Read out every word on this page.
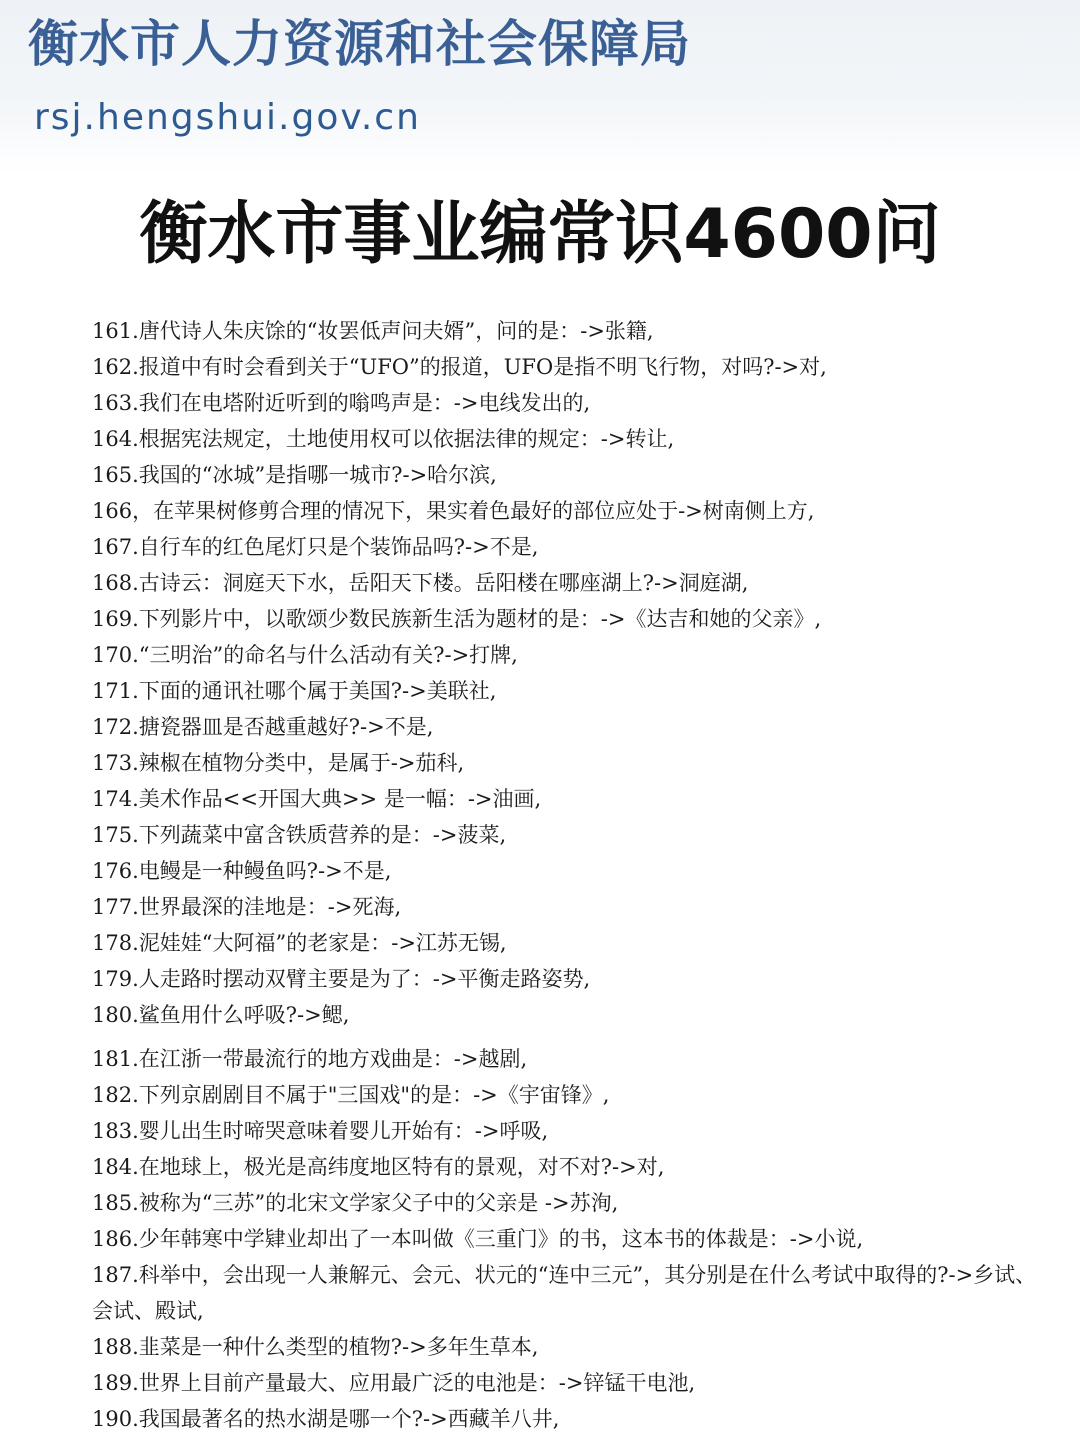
衡水市人力资源和社会保障局
rsj.hengshui.gov.cn
衡水市事业编常识4600问
161.唐代诗人朱庆馀的“妆罢低声问夫婿”，问的是：->张籍,
162.报道中有时会看到关于“UFO”的报道，UFO是指不明飞行物，对吗?->对,
163.我们在电塔附近听到的嗡鸣声是：->电线发出的,
164.根据宪法规定，土地使用权可以依据法律的规定：->转让,
165.我国的“冰城”是指哪一城市?->哈尔滨,
166，在苹果树修剪合理的情况下，果实着色最好的部位应处于->树南侧上方,
167.自行车的红色尾灯只是个装饰品吗?->不是,
168.古诗云：洞庭天下水，岳阳天下楼。岳阳楼在哪座湖上?->洞庭湖,
169.下列影片中，以歌颂少数民族新生活为题材的是：->《达吉和她的父亲》,
170.“三明治”的命名与什么活动有关?->打牌,
171.下面的通讯社哪个属于美国?->美联社,
172.搪瓷器皿是否越重越好?->不是,
173.辣椒在植物分类中，是属于->茄科,
174.美术作品<<开国大典>> 是一幅：->油画,
175.下列蔬菜中富含铁质营养的是：->菠菜,
176.电鳗是一种鳗鱼吗?->不是,
177.世界最深的洼地是：->死海,
178.泥娃娃“大阿福”的老家是：->江苏无锡,
179.人走路时摆动双臂主要是为了：->平衡走路姿势,
180.鲨鱼用什么呼吸?->鳃,
181.在江浙一带最流行的地方戏曲是：->越剧,
182.下列京剧剧目不属于"三国戏"的是：->《宇宙锋》,
183.婴儿出生时啼哭意味着婴儿开始有：->呼吸,
184.在地球上，极光是高纬度地区特有的景观，对不对?->对,
185.被称为“三苏”的北宋文学家父子中的父亲是 ->苏洵,
186.少年韩寒中学肄业却出了一本叫做《三重门》的书，这本书的体裁是：->小说,
187.科举中，会出现一人兼解元、会元、状元的“连中三元”，其分别是在什么考试中取得的?->乡试、会试、殿试,
188.韭菜是一种什么类型的植物?->多年生草本,
189.世界上目前产量最大、应用最广泛的电池是：->锌锰干电池,
190.我国最著名的热水湖是哪一个?->西藏羊八井,
